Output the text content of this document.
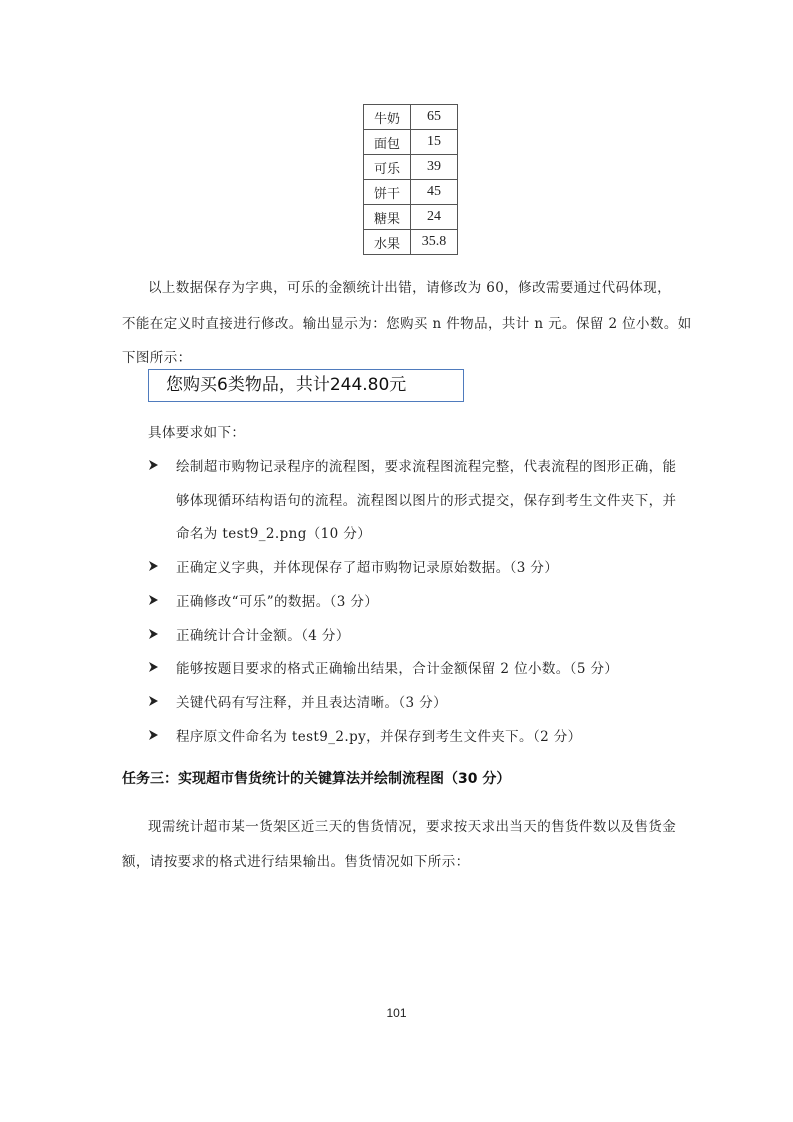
牛奶	65
面包	15
可乐	39
饼干	45
糖果	24
水果	35.8
以上数据保存为字典，可乐的金额统计出错，请修改为 60，修改需要通过代码体现，
不能在定义时直接进行修改。输出显示为：您购买 n 件物品，共计 n 元。保留 2 位小数。如
下图所示：
您购买6类物品，共计244.80元
具体要求如下：
绘制超市购物记录程序的流程图，要求流程图流程完整，代表流程的图形正确，能
够体现循环结构语句的流程。流程图以图片的形式提交，保存到考生文件夹下，并
命名为 test9_2.png（10 分）
正确定义字典，并体现保存了超市购物记录原始数据。（3 分）
正确修改“可乐”的数据。（3 分）
正确统计合计金额。（4 分）
能够按题目要求的格式正确输出结果，合计金额保留 2 位小数。（5 分）
关键代码有写注释，并且表达清晰。（3 分）
程序原文件命名为 test9_2.py，并保存到考生文件夹下。（2 分）
任务三：实现超市售货统计的关键算法并绘制流程图（30 分）
现需统计超市某一货架区近三天的售货情况，要求按天求出当天的售货件数以及售货金
额，请按要求的格式进行结果输出。售货情况如下所示：
101
